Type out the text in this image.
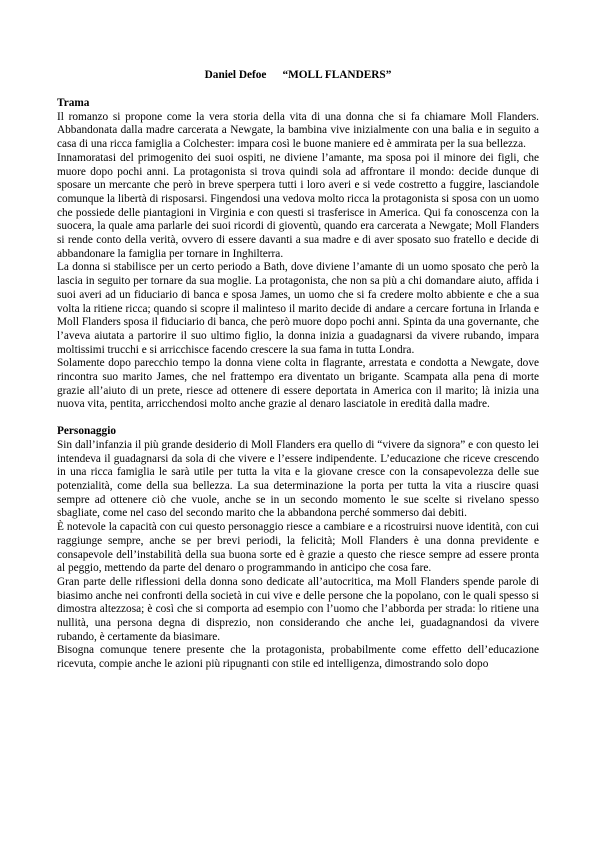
Daniel Defoe “MOLL FLANDERS”
Trama

Il romanzo si propone come la vera storia della vita di una donna che si fa chiamare Moll Flanders. Abbandonata dalla madre carcerata a Newgate, la bambina vive inizialmente con una balia e in seguito a casa di una ricca famiglia a Colchester: impara così le buone maniere ed è ammirata per la sua bellezza.

Innamoratasi del primogenito dei suoi ospiti, ne diviene l’amante, ma sposa poi il minore dei figli, che muore dopo pochi anni. La protagonista si trova quindi sola ad affrontare il mondo: decide dunque di sposare un mercante che però in breve sperpera tutti i loro averi e si vede costretto a fuggire, lasciandole comunque la libertà di risposarsi. Fingendosi una vedova molto ricca la protagonista si sposa con un uomo che possiede delle piantagioni in Virginia e con questi si trasferisce in America. Qui fa conoscenza con la suocera, la quale ama parlarle dei suoi ricordi di gioventù, quando era carcerata a Newgate; Moll Flanders si rende conto della verità, ovvero di essere davanti a sua madre e di aver sposato suo fratello e decide di abbandonare la famiglia per tornare in Inghilterra.

La donna si stabilisce per un certo periodo a Bath, dove diviene l’amante di un uomo sposato che però la lascia in seguito per tornare da sua moglie. La protagonista, che non sa più a chi domandare aiuto, affida i suoi averi ad un fiduciario di banca e sposa James, un uomo che si fa credere molto abbiente e che a sua volta la ritiene ricca; quando si scopre il malinteso il marito decide di andare a cercare fortuna in Irlanda e Moll Flanders sposa il fiduciario di banca, che però muore dopo pochi anni. Spinta da una governante, che l’aveva aiutata a partorire il suo ultimo figlio, la donna inizia a guadagnarsi da vivere rubando, impara moltissimi trucchi e si arricchisce facendo crescere la sua fama in tutta Londra.

Solamente dopo parecchio tempo la donna viene colta in flagrante, arrestata e condotta a Newgate, dove rincontra suo marito James, che nel frattempo era diventato un brigante. Scampata alla pena di morte grazie all’aiuto di un prete, riesce ad ottenere di essere deportata in America con il marito; là inizia una nuova vita, pentita, arricchendosi molto anche grazie al denaro lasciatole in eredità dalla madre.

Personaggio

Sin dall’infanzia il più grande desiderio di Moll Flanders era quello di “vivere da signora” e con questo lei intendeva il guadagnarsi da sola di che vivere e l’essere indipendente. L’educazione che riceve crescendo in una ricca famiglia le sarà utile per tutta la vita e la giovane cresce con la consapevolezza delle sue potenzialità, come della sua bellezza. La sua determinazione la porta per tutta la vita a riuscire quasi sempre ad ottenere ciò che vuole, anche se in un secondo momento le sue scelte si rivelano spesso sbagliate, come nel caso del secondo marito che la abbandona perché sommerso dai debiti.

È notevole la capacità con cui questo personaggio riesce a cambiare e a ricostruirsi nuove identità, con cui raggiunge sempre, anche se per brevi periodi, la felicità; Moll Flanders è una donna previdente e consapevole dell’instabilità della sua buona sorte ed è grazie a questo che riesce sempre ad essere pronta al peggio, mettendo da parte del denaro o programmando in anticipo che cosa fare.

Gran parte delle riflessioni della donna sono dedicate all’autocritica, ma Moll Flanders spende parole di biasimo anche nei confronti della società in cui vive e delle persone che la popolano, con le quali spesso si dimostra altezzosa; è così che si comporta ad esempio con l’uomo che l’abborda per strada: lo ritiene una nullità, una persona degna di disprezio, non considerando che anche lei, guadagnandosi da vivere rubando, è certamente da biasimare.

Bisogna comunque tenere presente che la protagonista, probabilmente come effetto dell’educazione ricevuta, compie anche le azioni più ripugnanti con stile ed intelligenza, dimostrando solo dopo
